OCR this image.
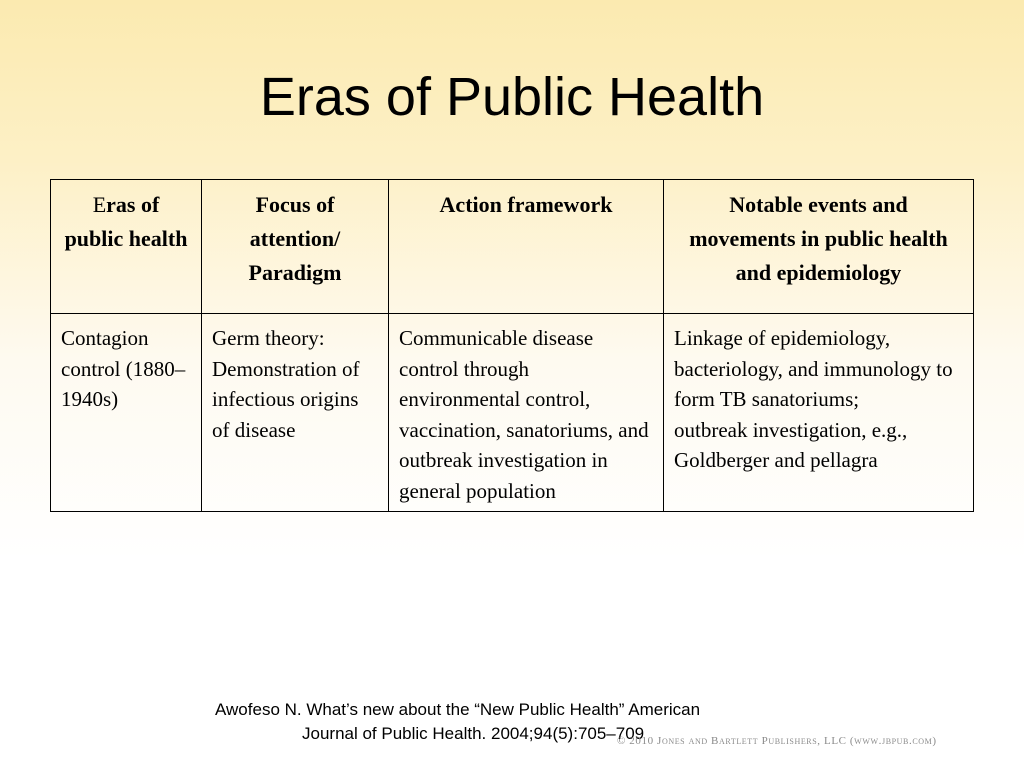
Eras of Public Health
Eras of public health	Focus of attention/ Paradigm	Action framework	Notable events and movements in public health and epidemiology
Contagion control (1880–1940s)	Germ theory: Demonstration of infectious origins of disease	Communicable disease control through environmental control, vaccination, sanatoriums, and outbreak investigation in general population	Linkage of epidemiology, bacteriology, and immunology to form TB sanatoriums;
outbreak investigation, e.g., Goldberger and pellagra
Awofeso N. What’s new about the “New Public Health” American
Journal of Public Health. 2004;94(5):705–709
© 2010 Jones and Bartlett Publishers, LLC (www.jbpub.com)
